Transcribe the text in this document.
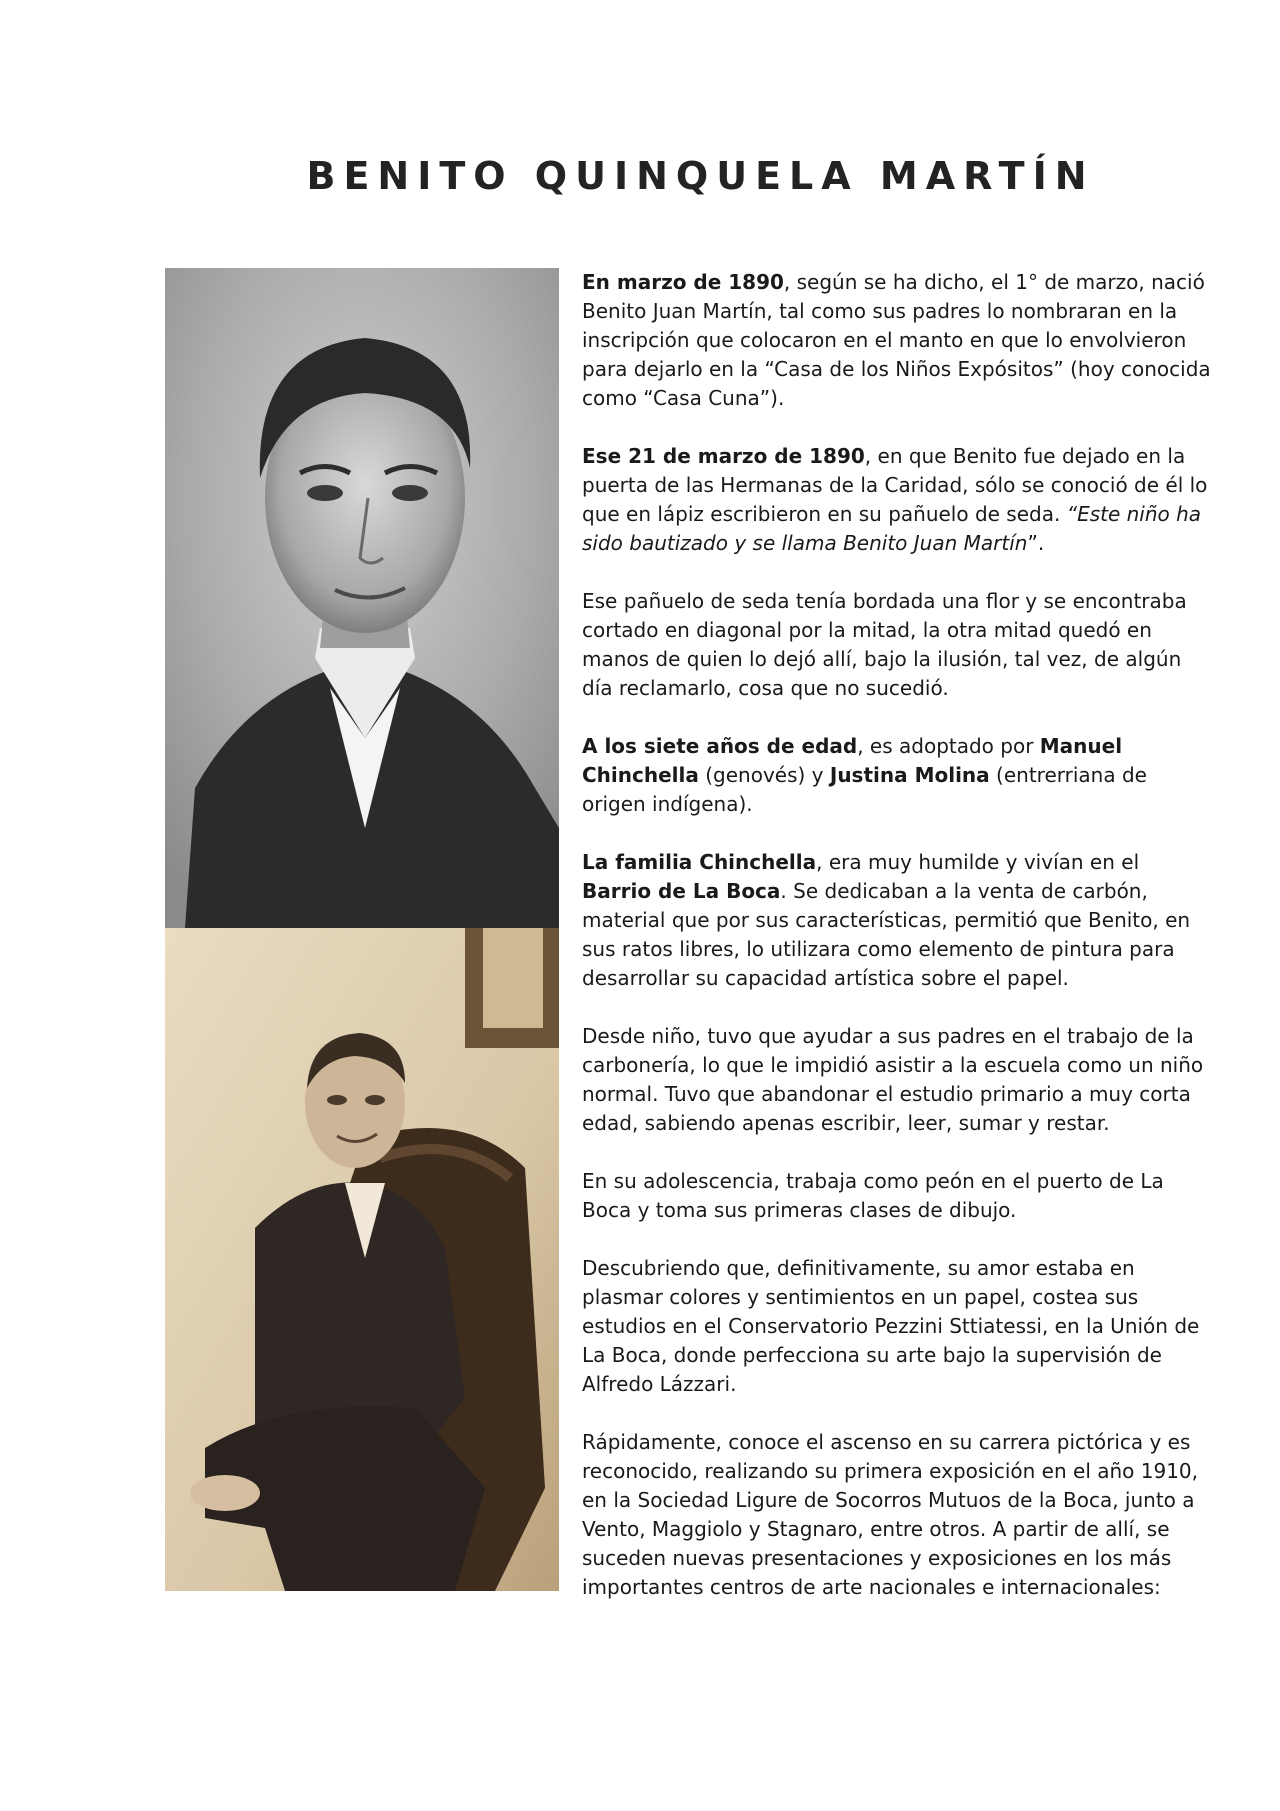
BENITO QUINQUELA MARTÍN

En marzo de 1890, según se ha dicho, el 1° de marzo, nació Benito Juan Martín, tal como sus padres lo nombraran en la inscripción que colocaron en el manto en que lo envolvieron para dejarlo en la “Casa de los Niños Expósitos” (hoy conocida como “Casa Cuna”).

Ese 21 de marzo de 1890, en que Benito fue dejado en la puerta de las Hermanas de la Caridad, sólo se conoció de él lo que en lápiz escribieron en su pañuelo de seda. “Este niño ha sido bautizado y se llama Benito Juan Martín”.

Ese pañuelo de seda tenía bordada una flor y se encontraba cortado en diagonal por la mitad, la otra mitad quedó en manos de quien lo dejó allí, bajo la ilusión, tal vez, de algún día reclamarlo, cosa que no sucedió.

A los siete años de edad, es adoptado por Manuel Chinchella (genovés) y Justina Molina (entrerriana de origen indígena).

La familia Chinchella, era muy humilde y vivían en el Barrio de La Boca. Se dedicaban a la venta de carbón, material que por sus características, permitió que Benito, en sus ratos libres, lo utilizara como elemento de pintura para desarrollar su capacidad artística sobre el papel.

Desde niño, tuvo que ayudar a sus padres en el trabajo de la carbonería, lo que le impidió asistir a la escuela como un niño normal. Tuvo que abandonar el estudio primario a muy corta edad, sabiendo apenas escribir, leer, sumar y restar.

En su adolescencia, trabaja como peón en el puerto de La Boca y toma sus primeras clases de dibujo.

Descubriendo que, definitivamente, su amor estaba en plasmar colores y sentimientos en un papel, costea sus estudios en el Conservatorio Pezzini Sttiatessi, en la Unión de La Boca, donde perfecciona su arte bajo la supervisión de Alfredo Lázzari.

Rápidamente, conoce el ascenso en su carrera pictórica y es reconocido, realizando su primera exposición en el año 1910, en la Sociedad Ligure de Socorros Mutuos de la Boca, junto a Vento, Maggiolo y Stagnaro, entre otros. A partir de allí, se suceden nuevas presentaciones y exposiciones en los más importantes centros de arte nacionales e internacionales:
